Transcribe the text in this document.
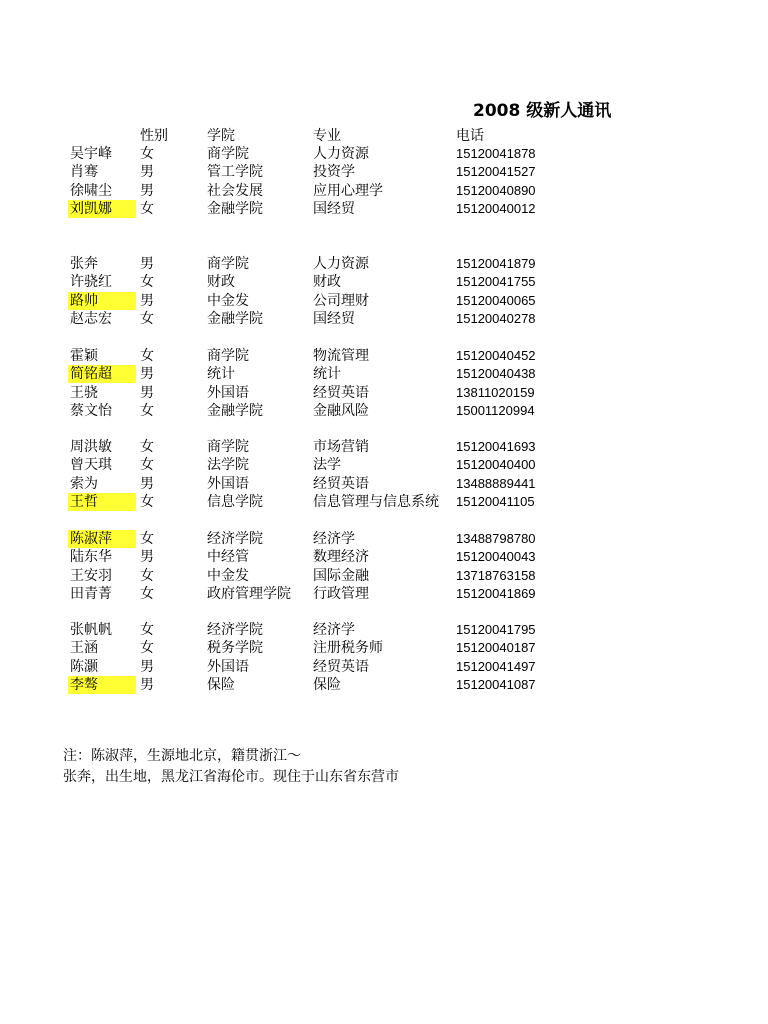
2008 级新人通讯
性别	学院	专业	电话
吴宇峰	女	商学院	人力资源	15120041878
肖骞	男	管工学院	投资学	15120041527
徐啸尘	男	社会发展	应用心理学	15120040890
刘凯娜	女	金融学院	国经贸	15120040012
张奔	男	商学院	人力资源	15120041879
许骁红	女	财政	财政	15120041755
路帅	男	中金发	公司理财	15120040065
赵志宏	女	金融学院	国经贸	15120040278
霍颖	女	商学院	物流管理	15120040452
简铭超	男	统计	统计	15120040438
王骁	男	外国语	经贸英语	13811020159
蔡文怡	女	金融学院	金融风险	15001120994
周洪敏	女	商学院	市场营销	15120041693
曾天琪	女	法学院	法学	15120040400
索为	男	外国语	经贸英语	13488889441
王哲	女	信息学院	信息管理与信息系统 15120041105
陈淑萍	女	经济学院	经济学	13488798780
陆东华	男	中经管	数理经济	15120040043
王安羽	女	中金发	国际金融	13718763158
田青菁	女	政府管理学院 行政管理	15120041869
张帆帆	女	经济学院	经济学	15120041795
王涵	女	税务学院	注册税务师	15120040187
陈灏	男	外国语	经贸英语	15120041497
李骜	男	保险	保险	15120041087
注：陈淑萍，生源地北京，籍贯浙江～
张奔，出生地，黑龙江省海伦市。现住于山东省东营市
